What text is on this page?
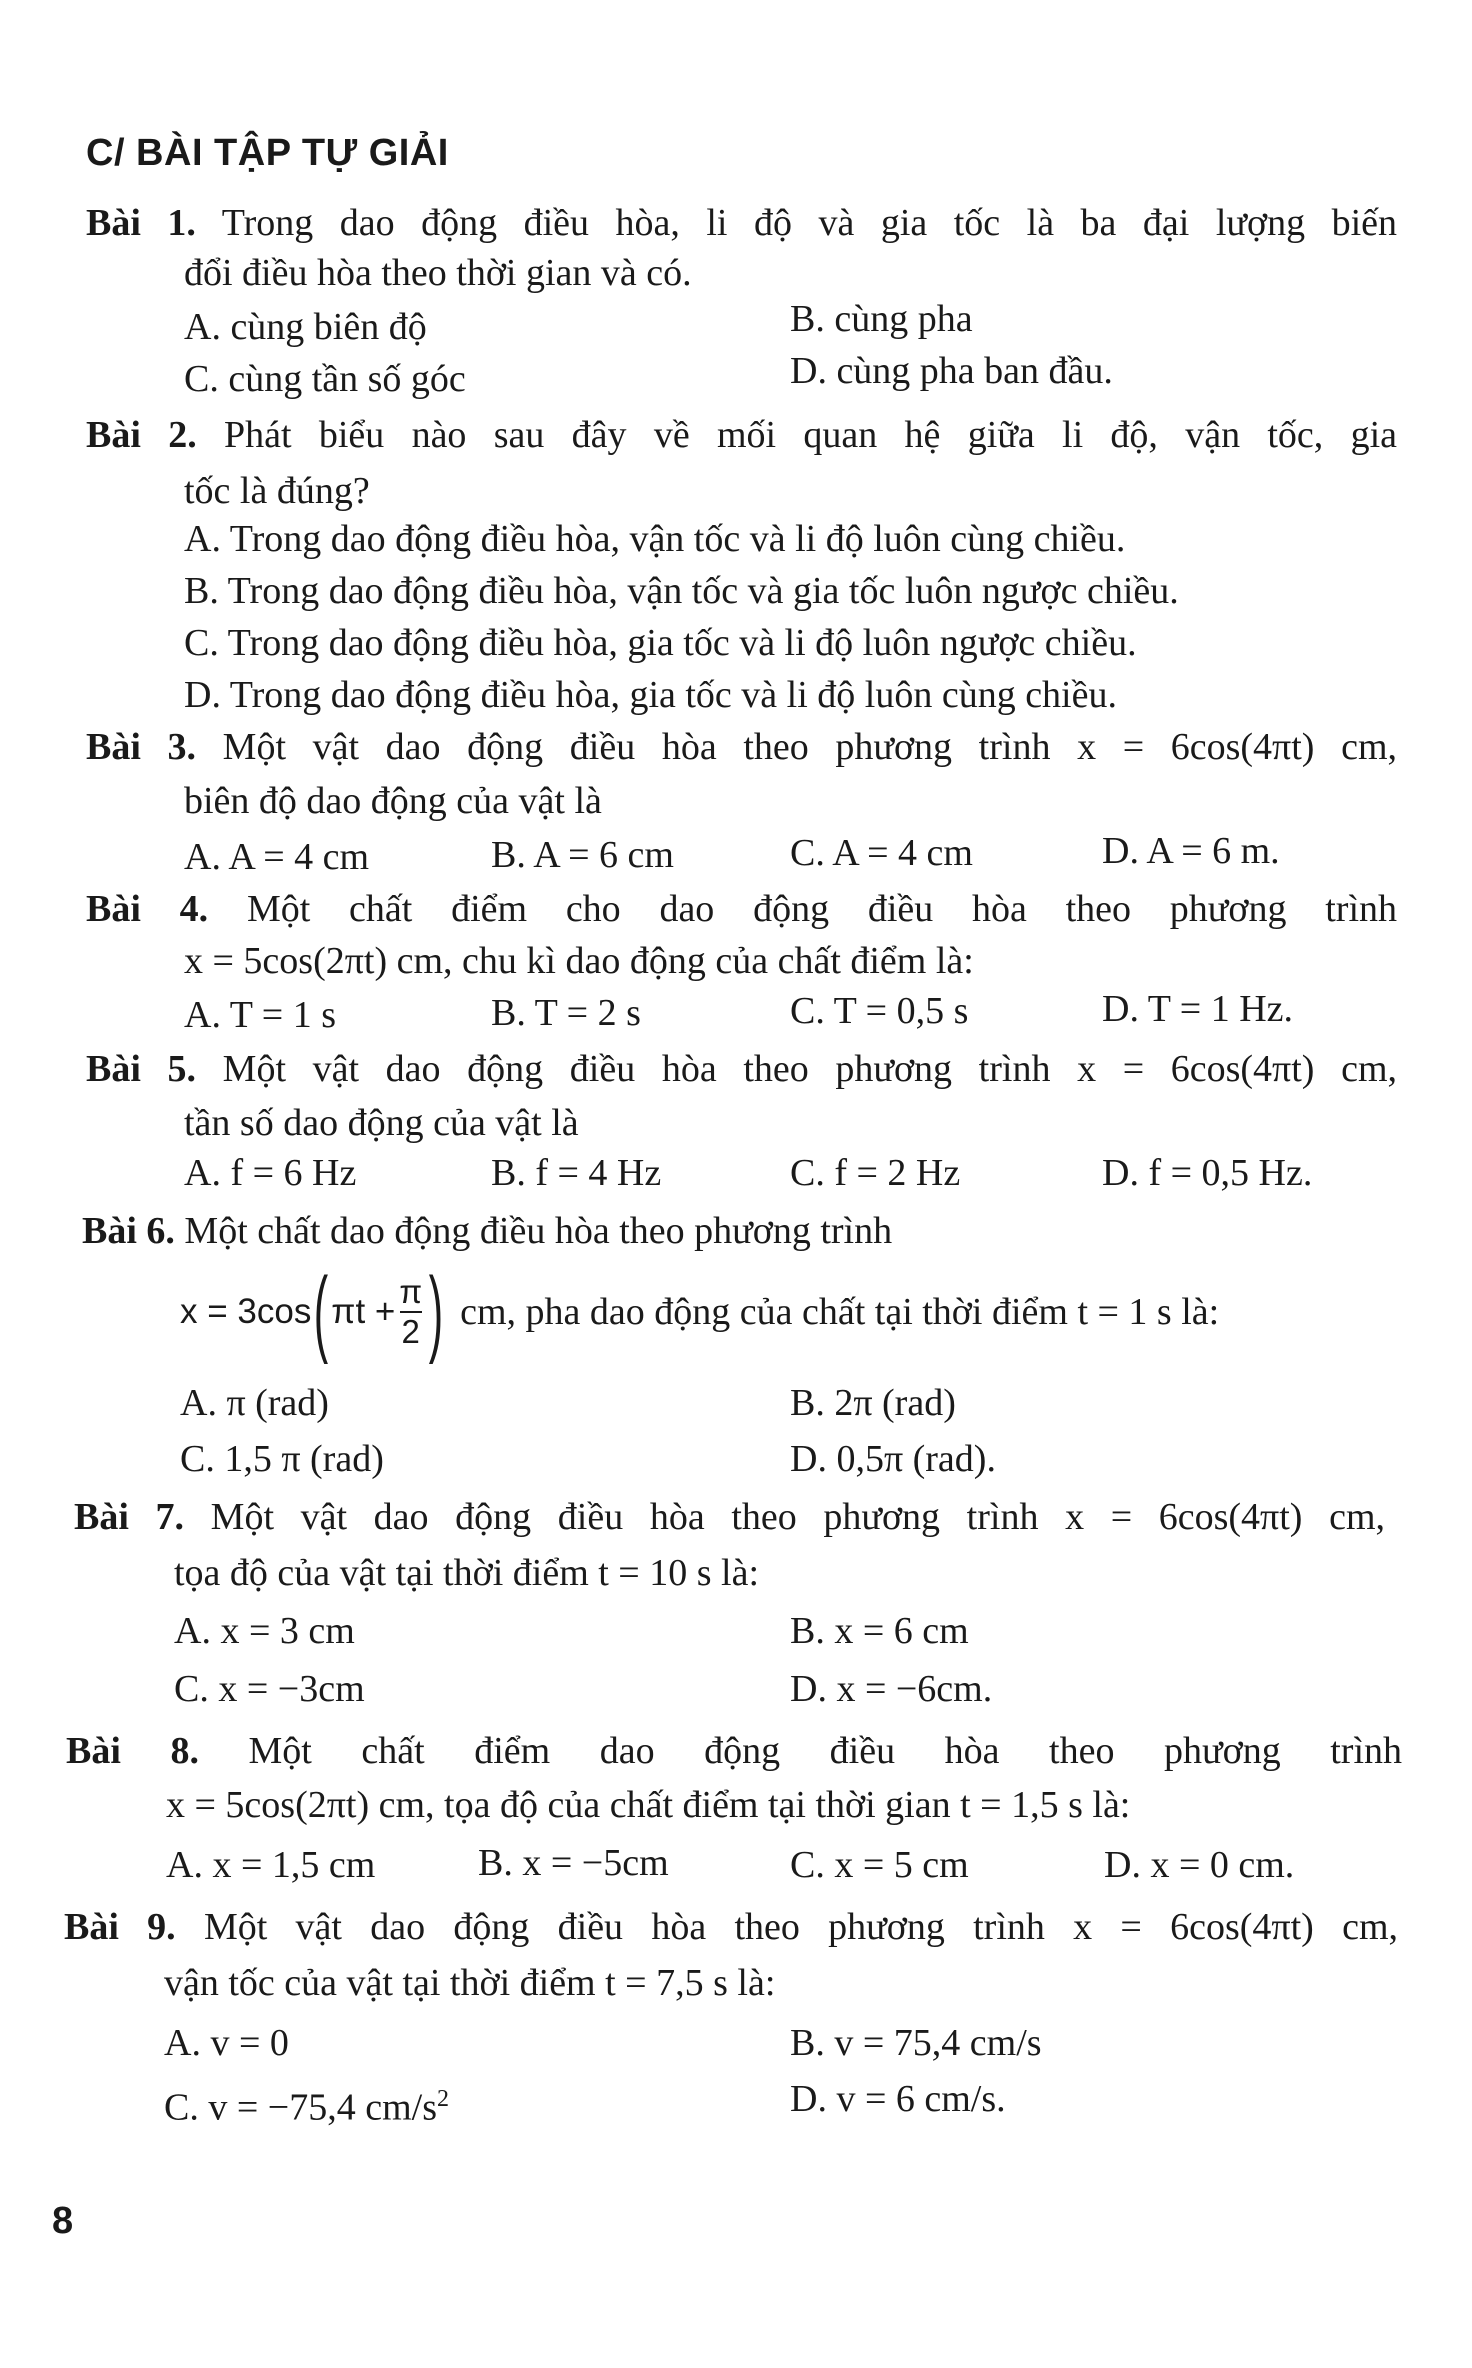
C/ BÀI TẬP TỰ GIẢI
Bài 1. Trong dao động điều hòa, li độ và gia tốc là ba đại lượng biến
đổi điều hòa theo thời gian và có.
A. cùng biên độ	B. cùng pha
C. cùng tần số góc	D. cùng pha ban đầu.
Bài 2. Phát biểu nào sau đây về mối quan hệ giữa li độ, vận tốc, gia
tốc là đúng?
A. Trong dao động điều hòa, vận tốc và li độ luôn cùng chiều.
B. Trong dao động điều hòa, vận tốc và gia tốc luôn ngược chiều.
C. Trong dao động điều hòa, gia tốc và li độ luôn ngược chiều.
D. Trong dao động điều hòa, gia tốc và li độ luôn cùng chiều.
Bài 3. Một vật dao động điều hòa theo phương trình x = 6cos(4πt) cm,
biên độ dao động của vật là
A. A = 4 cm	B. A = 6 cm	C. A = 4 cm	D. A = 6 m.
Bài 4. Một chất điểm cho dao động điều hòa theo phương trình
x = 5cos(2πt) cm, chu kì dao động của chất điểm là:
A. T = 1 s	B. T = 2 s	C. T = 0,5 s	D. T = 1 Hz.
Bài 5. Một vật dao động điều hòa theo phương trình x = 6cos(4πt) cm,
tần số dao động của vật là
A. f = 6 Hz	B. f = 4 Hz	C. f = 2 Hz	D. f = 0,5 Hz.
Bài 6. Một chất dao động điều hòa theo phương trình
x = 3cos ( $\pi t + \frac{\pi}{2}$ ) cm, pha dao động của chất tại thời điểm t = 1 s là:
A. π (rad)	B. 2π (rad)
C. 1,5 π (rad)	D. 0,5π (rad).
Bài 7. Một vật dao động điều hòa theo phương trình x = 6cos(4πt) cm,
tọa độ của vật tại thời điểm t = 10 s là:
A. x = 3 cm	B. x = 6 cm
C. x = −3cm	D. x = −6cm.
Bài 8. Một chất điểm dao động điều hòa theo phương trình
x = 5cos(2πt) cm, tọa độ của chất điểm tại thời gian t = 1,5 s là:
A. x = 1,5 cm	B. x = −5cm	C. x = 5 cm	D. x = 0 cm.
Bài 9. Một vật dao động điều hòa theo phương trình x = 6cos(4πt) cm,
vận tốc của vật tại thời điểm t = 7,5 s là:
A. v = 0	B. v = 75,4 cm/s
C. v = −75,4 $cm/s^2$	D. v = 6 cm/s.
8
